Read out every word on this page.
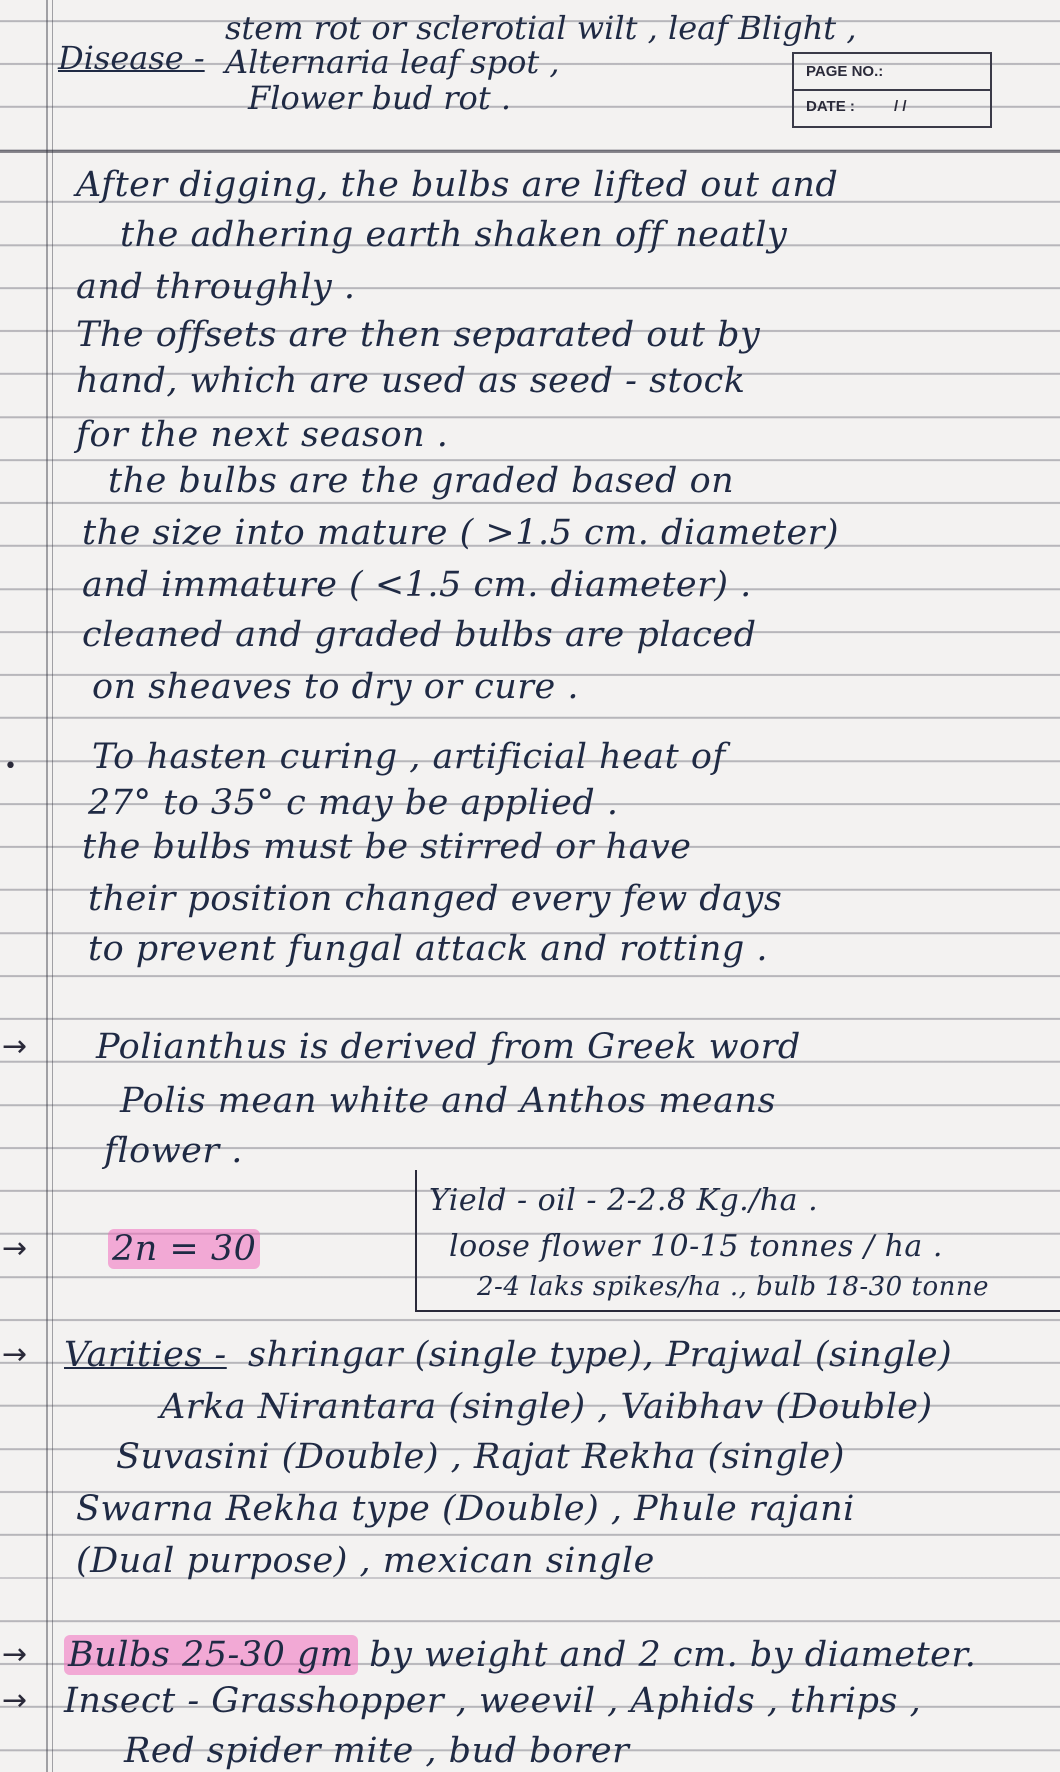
Disease -
stem rot or sclerotial wilt , leaf Blight ,
Alternaria leaf spot ,
Flower bud rot .
PAGE NO.:
DATE :	/ /
After digging, the bulbs are lifted out and
the adhering earth shaken off neatly
and throughly .
The offsets are then separated out by
hand, which are used as seed - stock
for the next season .
the bulbs are the graded based on
the size into mature ( >1.5 cm. diameter)
and immature ( <1.5 cm. diameter) .
cleaned and graded bulbs are placed
on sheaves to dry or cure .
• To hasten curing , artificial heat of
27° to 35° c may be applied .
the bulbs must be stirred or have
their position changed every few days
to prevent fungal attack and rotting .
→ Polianthus is derived from Greek word
Polis mean white and Anthos means
flower .
→ 2n = 30
Yield - oil - 2-2.8 Kg./ha .
loose flower 10-15 tonnes / ha .
2-4 laks spikes/ha ., bulb 18-30 tonne
→ Varities - shringar (single type), Prajwal (single)
Arka Nirantara (single) , Vaibhav (Double)
Suvasini (Double) , Rajat Rekha (single)
Swarna Rekha type (Double) , Phule rajani
(Dual purpose) , mexican single
→ Bulbs 25-30 gm by weight and 2 cm. by diameter.
→ Insect - Grasshopper , weevil , Aphids , thrips ,
Red spider mite , bud borer
